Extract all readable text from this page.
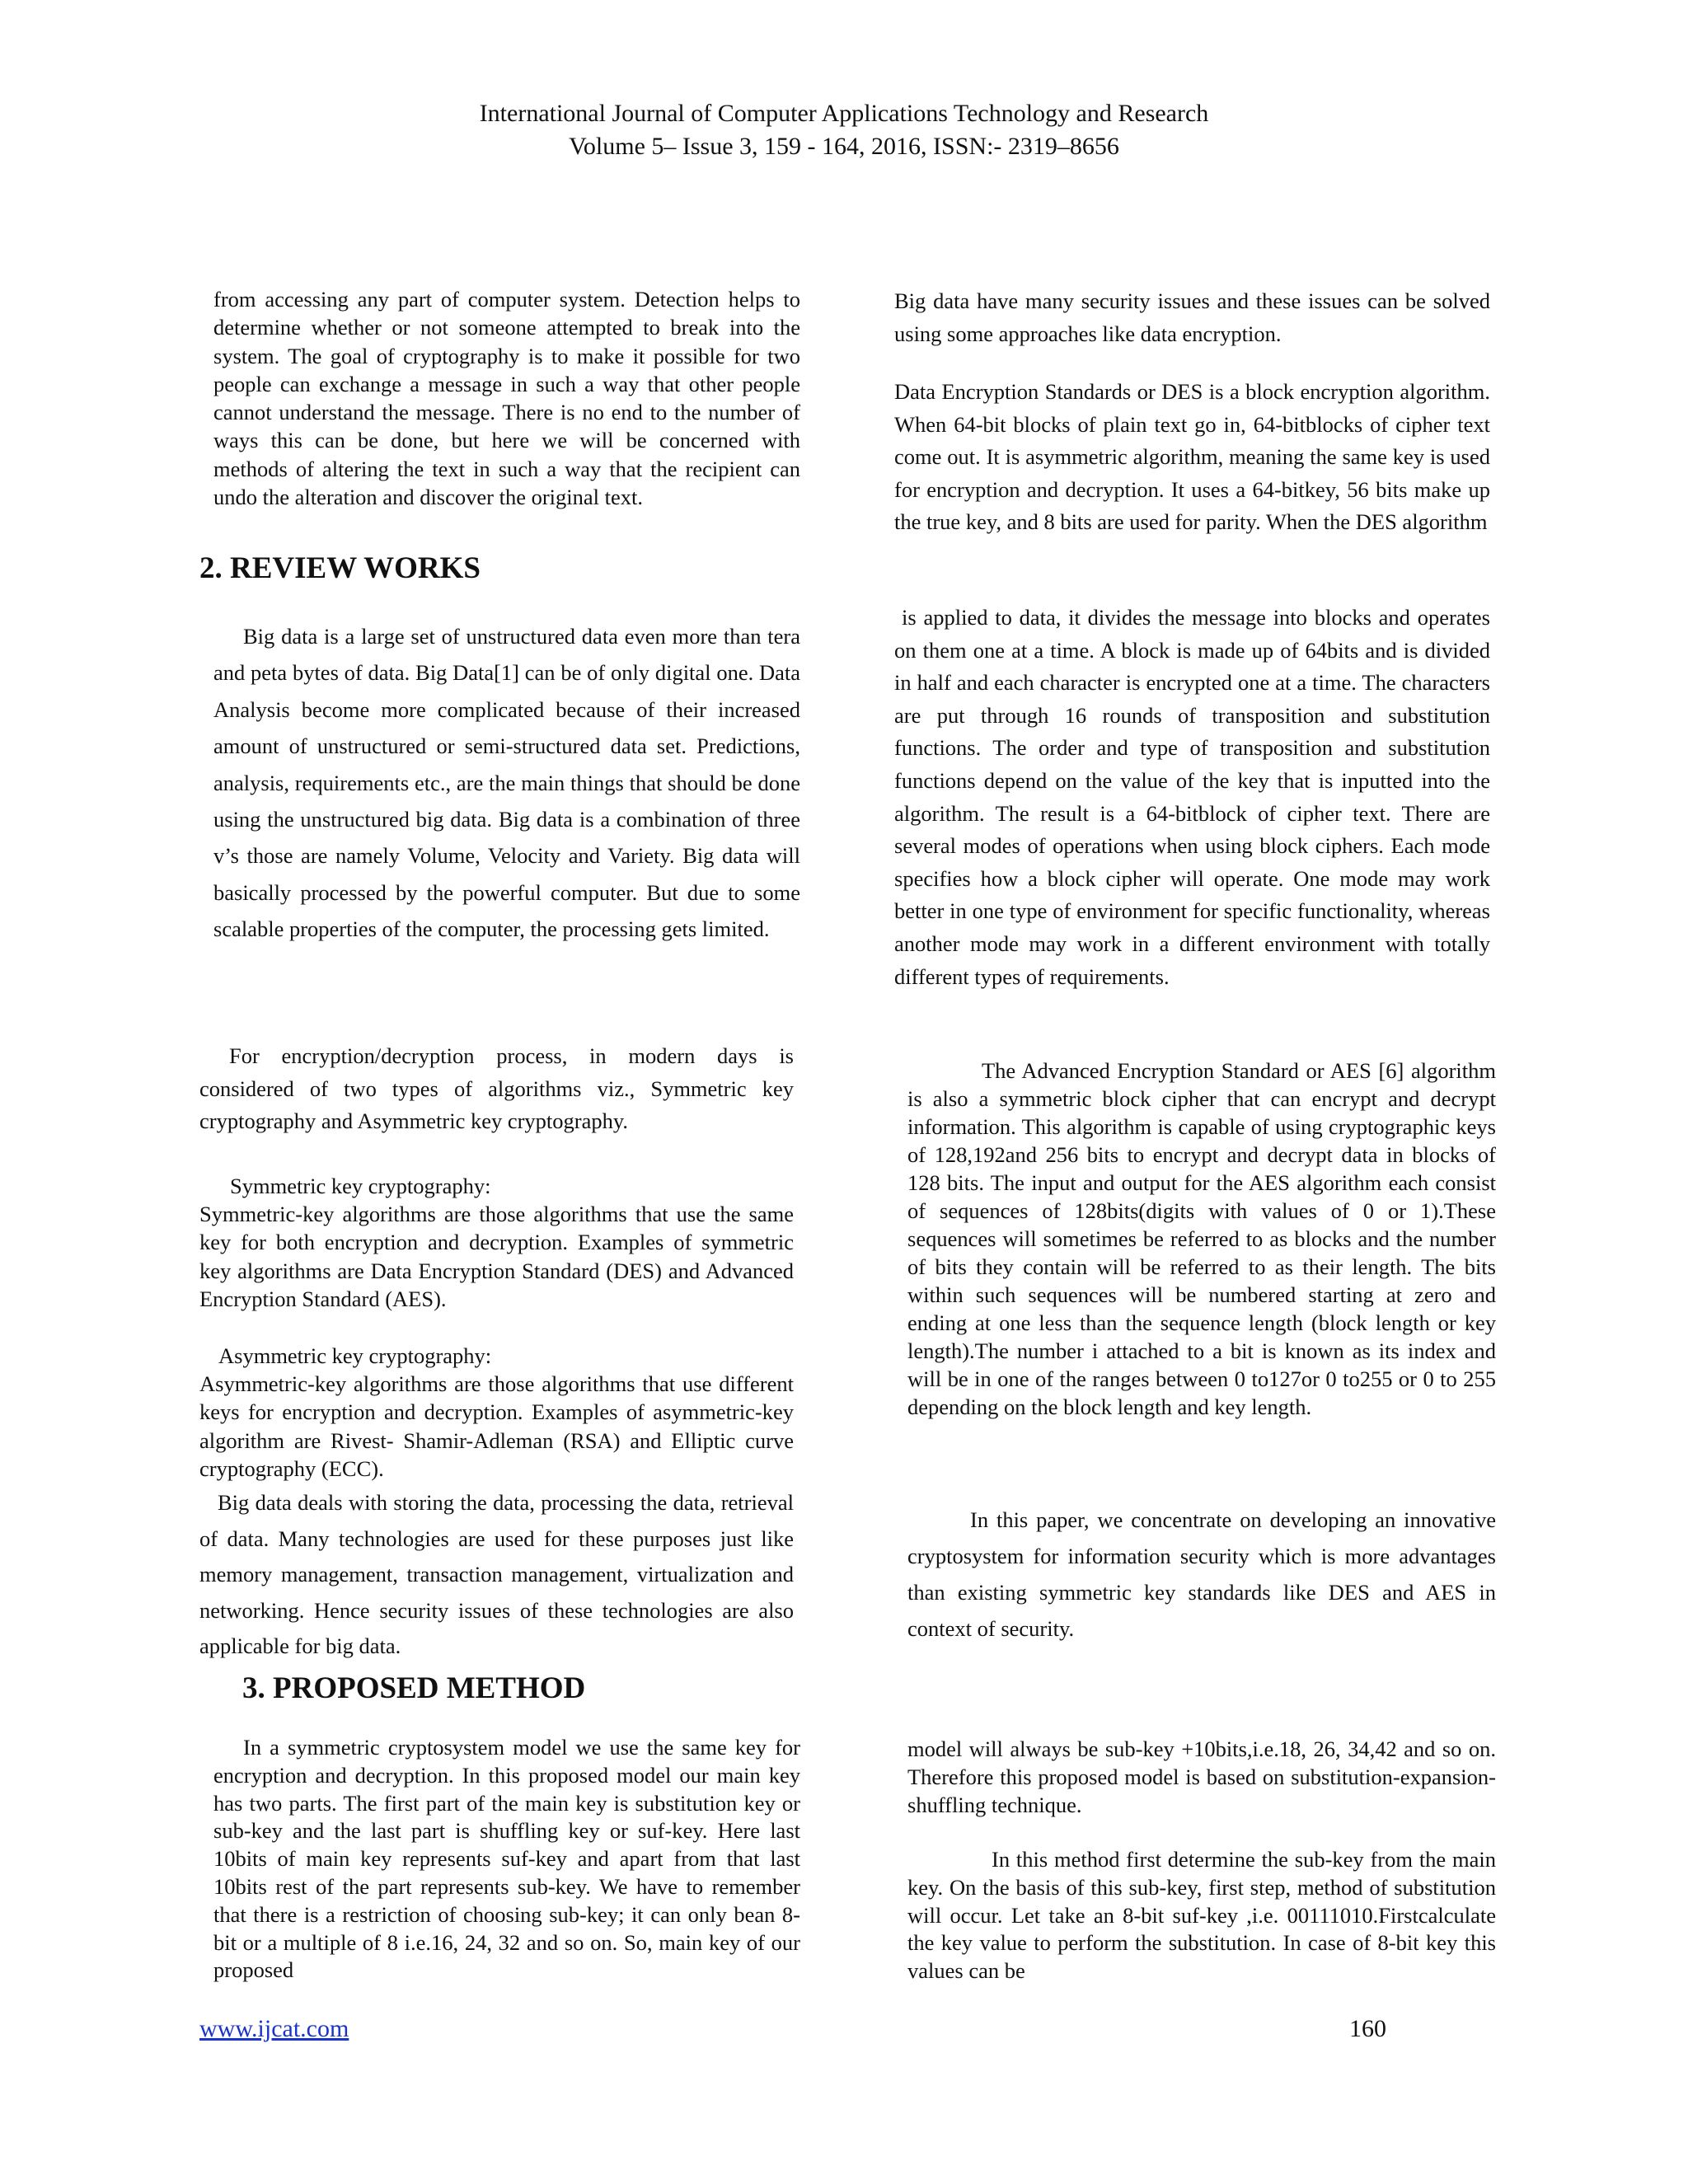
International Journal of Computer Applications Technology and Research
Volume 5– Issue 3, 159 - 164, 2016, ISSN:- 2319–8656

from accessing any part of computer system. Detection helps to determine whether or not someone attempted to break into the system. The goal of cryptography is to make it possible for two people can exchange a message in such a way that other people cannot understand the message. There is no end to the number of ways this can be done, but here we will be concerned with methods of altering the text in such a way that the recipient can undo the alteration and discover the original text.

2. REVIEW WORKS

Big data is a large set of unstructured data even more than tera and peta bytes of data. Big Data[1] can be of only digital one. Data Analysis become more complicated because of their increased amount of unstructured or semi-structured data set. Predictions, analysis, requirements etc., are the main things that should be done using the unstructured big data. Big data is a combination of three v’s those are namely Volume, Velocity and Variety. Big data will basically processed by the powerful computer. But due to some scalable properties of the computer, the processing gets limited.

For encryption/decryption process, in modern days is considered of two types of algorithms viz., Symmetric key cryptography and Asymmetric key cryptography.

Symmetric key cryptography:

Symmetric-key algorithms are those algorithms that use the same key for both encryption and decryption. Examples of symmetric key algorithms are Data Encryption Standard (DES) and Advanced Encryption Standard (AES).

Asymmetric key cryptography:

Asymmetric-key algorithms are those algorithms that use different keys for encryption and decryption. Examples of asymmetric-key algorithm are Rivest- Shamir-Adleman (RSA) and Elliptic curve cryptography (ECC).

Big data deals with storing the data, processing the data, retrieval of data. Many technologies are used for these purposes just like memory management, transaction management, virtualization and networking. Hence security issues of these technologies are also applicable for big data.

3. PROPOSED METHOD

In a symmetric cryptosystem model we use the same key for encryption and decryption. In this proposed model our main key has two parts. The first part of the main key is substitution key or sub-key and the last part is shuffling key or suf-key. Here last 10bits of main key represents suf-key and apart from that last 10bits rest of the part represents sub-key. We have to remember that there is a restriction of choosing sub-key; it can only bean 8-bit or a multiple of 8 i.e.16, 24, 32 and so on. So, main key of our proposed

Big data have many security issues and these issues can be solved using some approaches like data encryption.

Data Encryption Standards or DES is a block encryption algorithm. When 64-bit blocks of plain text go in, 64-bitblocks of cipher text come out. It is asymmetric algorithm, meaning the same key is used for encryption and decryption. It uses a 64-bitkey, 56 bits make up the true key, and 8 bits are used for parity. When the DES algorithm

is applied to data, it divides the message into blocks and operates on them one at a time. A block is made up of 64bits and is divided in half and each character is encrypted one at a time. The characters are put through 16 rounds of transposition and substitution functions. The order and type of transposition and substitution functions depend on the value of the key that is inputted into the algorithm. The result is a 64-bitblock of cipher text. There are several modes of operations when using block ciphers. Each mode specifies how a block cipher will operate. One mode may work better in one type of environment for specific functionality, whereas another mode may work in a different environment with totally different types of requirements.

The Advanced Encryption Standard or AES [6] algorithm is also a symmetric block cipher that can encrypt and decrypt information. This algorithm is capable of using cryptographic keys of 128,192and 256 bits to encrypt and decrypt data in blocks of 128 bits. The input and output for the AES algorithm each consist of sequences of 128bits(digits with values of 0 or 1).These sequences will sometimes be referred to as blocks and the number of bits they contain will be referred to as their length. The bits within such sequences will be numbered starting at zero and ending at one less than the sequence length (block length or key length).The number i attached to a bit is known as its index and will be in one of the ranges between 0 to127or 0 to255 or 0 to 255 depending on the block length and key length.

In this paper, we concentrate on developing an innovative cryptosystem for information security which is more advantages than existing symmetric key standards like DES and AES in context of security.

model will always be sub-key +10bits,i.e.18, 26, 34,42 and so on. Therefore this proposed model is based on substitution-expansion-shuffling technique.

In this method first determine the sub-key from the main key. On the basis of this sub-key, first step, method of substitution will occur. Let take an 8-bit suf-key ,i.e. 00111010.Firstcalculate the key value to perform the substitution. In case of 8-bit key this values can be

www.ijcat.com	160
